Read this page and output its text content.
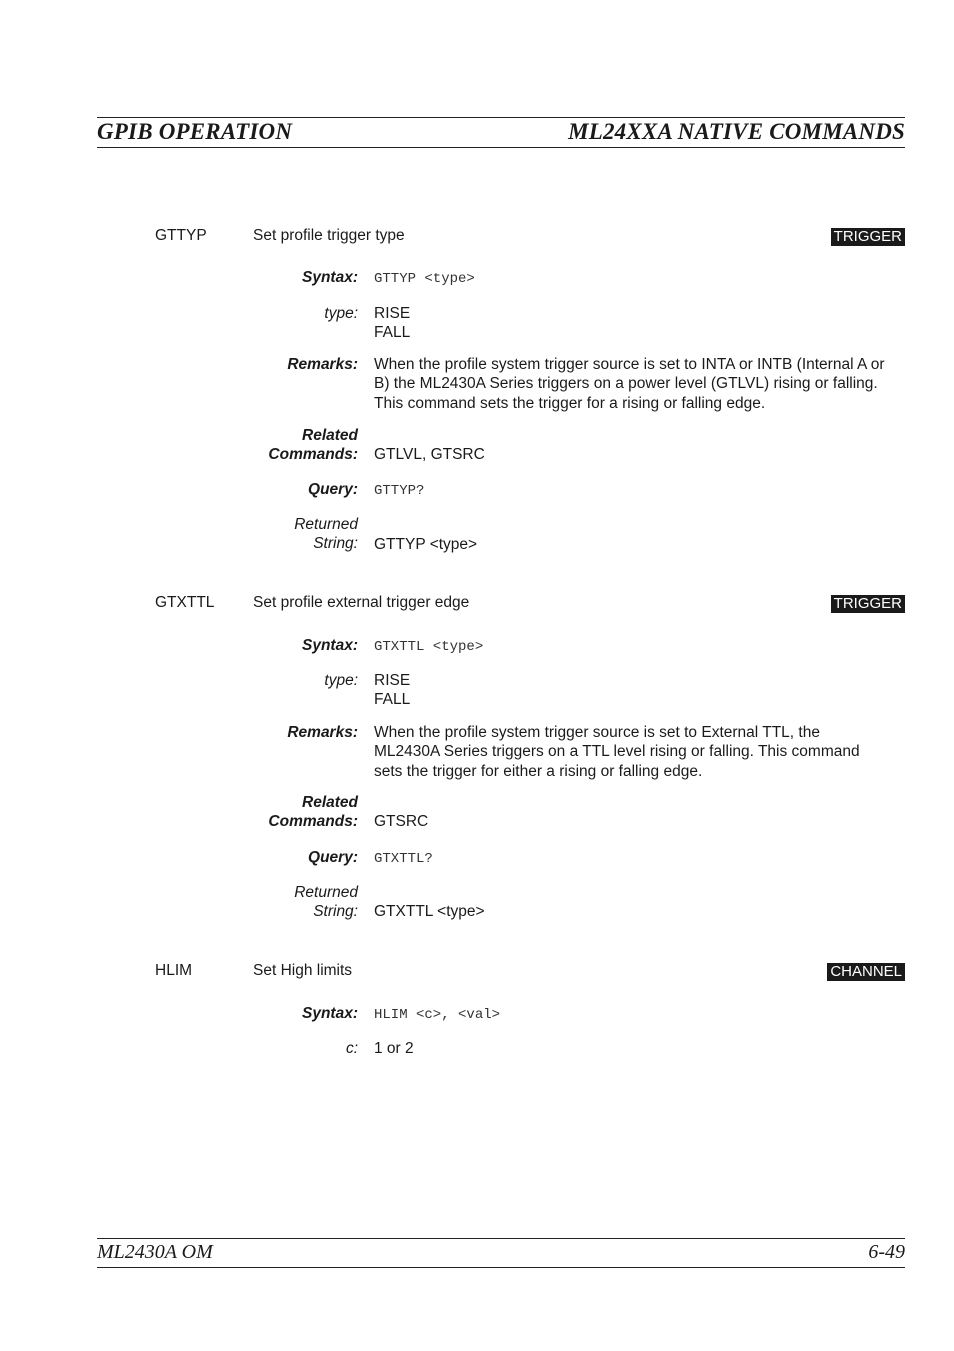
GPIB OPERATION	ML24XXA NATIVE COMMANDS
GTTYP	Set profile trigger type	TRIGGER
Syntax: GTTYP <type>
type: RISE
FALL
Remarks: When the profile system trigger source is set to INTA or INTB (Internal A or
B) the ML2430A Series triggers on a power level (GTLVL) rising or falling.
This command sets the trigger for a rising or falling edge.
Related
Commands: GTLVL, GTSRC
Query: GTTYP?
Returned
String: GTTYP <type>
GTXTTL Set profile external trigger edge	TRIGGER
Syntax: GTXTTL <type>
type: RISE
FALL
Remarks: When the profile system trigger source is set to External TTL, the
ML2430A Series triggers on a TTL level rising or falling. This command
sets the trigger for either a rising or falling edge.
Related
Commands: GTSRC
Query: GTXTTL?
Returned
String: GTXTTL <type>
HLIM	Set High limits	CHANNEL
Syntax: HLIM <c>, <val>
c: 1 or 2
ML2430A OM	6-49
